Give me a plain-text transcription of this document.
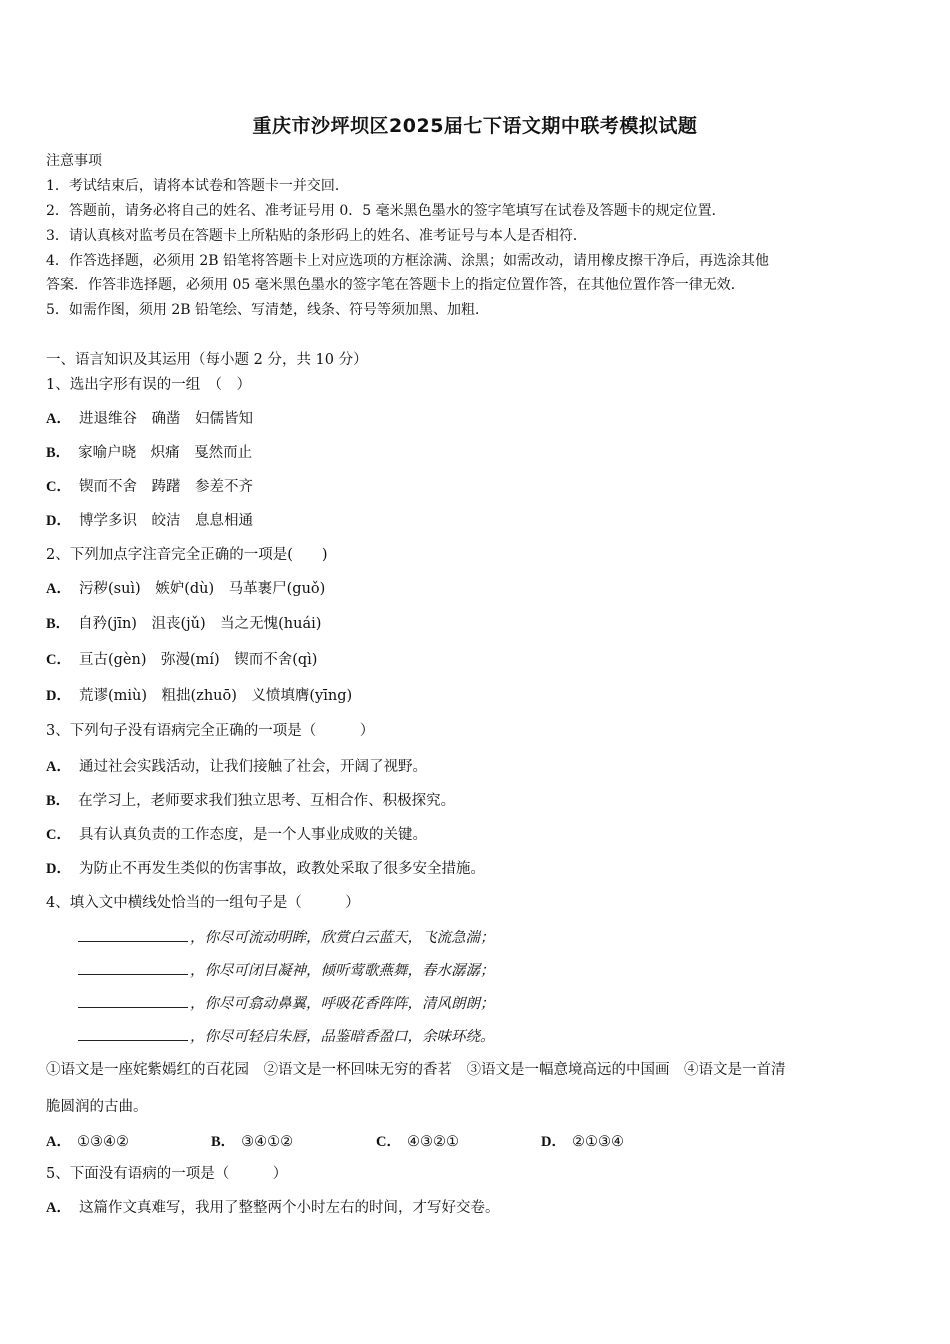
重庆市沙坪坝区2025届七下语文期中联考模拟试题
注意事项
1．考试结束后，请将本试卷和答题卡一并交回．
2．答题前，请务必将自己的姓名、准考证号用 0．5 毫米黑色墨水的签字笔填写在试卷及答题卡的规定位置．
3．请认真核对监考员在答题卡上所粘贴的条形码上的姓名、准考证号与本人是否相符．
4．作答选择题，必须用 2B 铅笔将答题卡上对应选项的方框涂满、涂黑；如需改动，请用橡皮擦干净后，再选涂其他
答案．作答非选择题，必须用 05 毫米黑色墨水的签字笔在答题卡上的指定位置作答，在其他位置作答一律无效．
5．如需作图，须用 2B 铅笔绘、写清楚，线条、符号等须加黑、加粗．
一、语言知识及其运用（每小题 2 分，共 10 分）
1、选出字形有误的一组　（　）
A． 进退维谷　确凿　妇儒皆知
B． 家喻户晓　炽痛　戛然而止
C． 锲而不舍　踌躇　参差不齐
D． 博学多识　皎洁　息息相通
2、下列加点字注音完全正确的一项是(　　)
A． 污秽(suì)　嫉妒(dù)　马革裹尸(guǒ)
B． 自矜(jīn)　沮丧(jǔ)　当之无愧(huái)
C． 亘古(gèn)　弥漫(mí)　锲而不舍(qì)
D． 荒谬(miù)　粗拙(zhuō)　义愤填膺(yīng)
3、下列句子没有语病完全正确的一项是（　　　）
A． 通过社会实践活动，让我们接触了社会，开阔了视野。
B． 在学习上，老师要求我们独立思考、互相合作、积极探究。
C． 具有认真负责的工作态度，是一个人事业成败的关键。
D． 为防止不再发生类似的伤害事故，政教处采取了很多安全措施。
4、填入文中横线处恰当的一组句子是（　　　）
，你尽可流动明眸，欣赏白云蓝天，飞流急湍；
，你尽可闭目凝神，倾听莺歌燕舞，春水潺潺；
，你尽可翕动鼻翼，呼吸花香阵阵，清风朗朗；
，你尽可轻启朱唇，品鉴暗香盈口，余味环绕。
①语文是一座姹紫嫣红的百花园　②语文是一杯回味无穷的香茗　③语文是一幅意境高远的中国画　④语文是一首清
脆圆润的古曲。
A． ①③④②	B． ③④①②	C． ④③②①	D． ②①③④
5、下面没有语病的一项是（　　　）
A． 这篇作文真难写，我用了整整两个小时左右的时间，才写好交卷。
